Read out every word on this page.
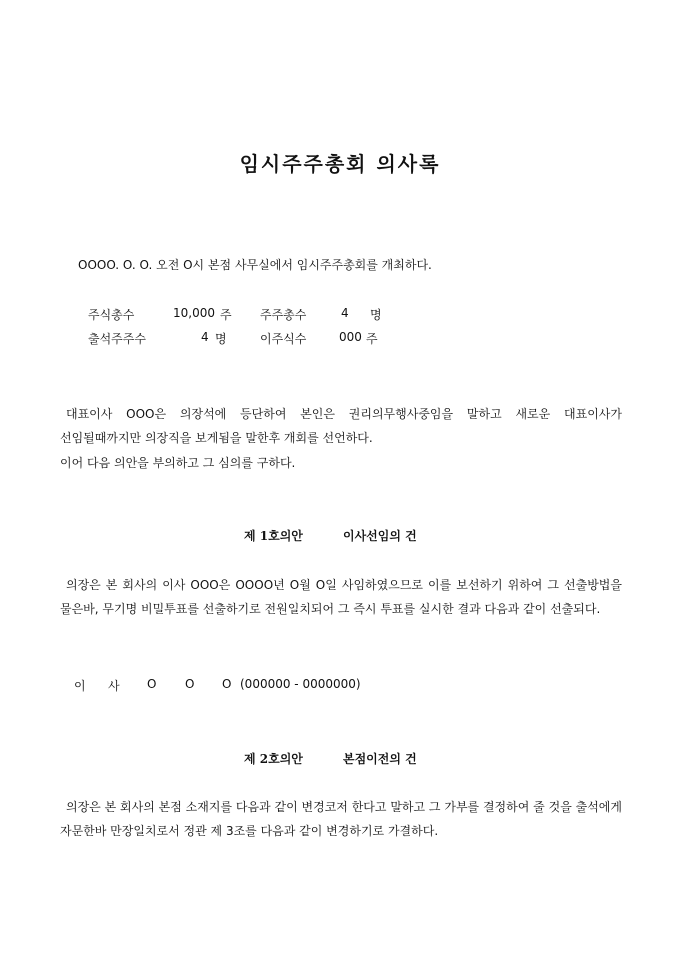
임시주주총회 의사록
OOOO. O. O. 오전 O시 본점 사무실에서 임시주주총회를 개최하다.
주식총수	10,000 주 주주총수	4 명
출석주주수	4 명	이주식수	000 주
대표이사 OOO은 의장석에 등단하여 본인은 권리의무행사중임을 말하고 새로운 대표이사가 선임될때까지만 의장직을 보게됨을 말한후 개회를 선언하다.
이어 다음 의안을 부의하고 그 심의를 구하다.
제 1호의안	이사선임의 건
의장은 본 회사의 이사 OOO은 OOOO년 O월 O일 사임하였으므로 이를 보선하기 위하여 그 선출방법을 물은바, 무기명 비밀투표를 선출하기로 전원일치되어 그 즉시 투표를 실시한 결과 다음과 같이 선출되다.
이 사 O O O (000000 - 0000000)
제 2호의안	본점이전의 건
의장은 본 회사의 본점 소재지를 다음과 같이 변경코저 한다고 말하고 그 가부를 결정하여 줄 것을 출석에게 자문한바 만장일치로서 정관 제 3조를 다음과 같이 변경하기로 가결하다.
